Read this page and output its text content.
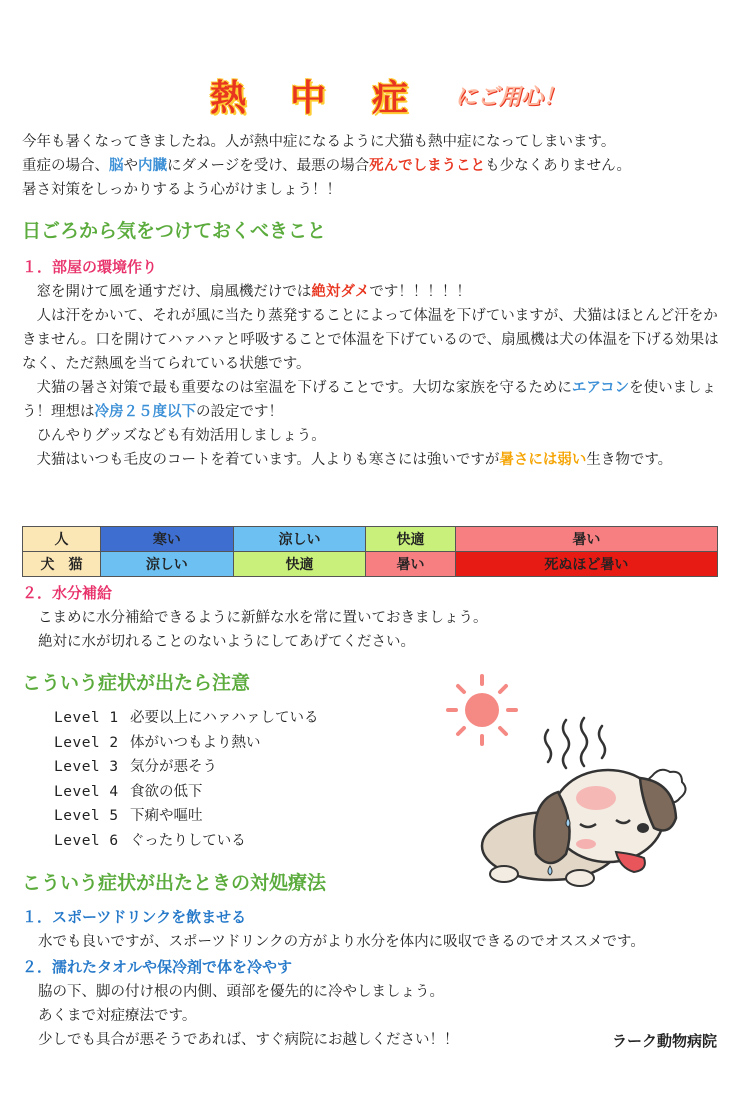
熱 中 症 にご用心！
今年も暑くなってきましたね。人が熱中症になるように犬猫も熱中症になってしまいます。
重症の場合、脳や内臓にダメージを受け、最悪の場合死んでしまうことも少なくありません。
暑さ対策をしっかりするよう心がけましょう！！
日ごろから気をつけておくべきこと
１．部屋の環境作り
窓を開けて風を通すだけ、扇風機だけでは絶対ダメです！！！！！
人は汗をかいて、それが風に当たり蒸発することによって体温を下げていますが、犬猫はほとんど汗をかきません。口を開けてハァハァと呼吸することで体温を下げているので、扇風機は犬の体温を下げる効果はなく、ただ熱風を当てられている状態です。
犬猫の暑さ対策で最も重要なのは室温を下げることです。大切な家族を守るためにエアコンを使いましょう！理想は冷房２５度以下の設定です！
ひんやりグッズなども有効活用しましょう。
犬猫はいつも毛皮のコートを着ています。人よりも寒さには強いですが暑さには弱い生き物です。
人	寒い	涼しい	快適	暑い
犬　猫	涼しい	快適	暑い	死ぬほど暑い
２．水分補給
こまめに水分補給できるように新鮮な水を常に置いておきましょう。
絶対に水が切れることのないようにしてあげてください。
こういう症状が出たら注意
Level 1 必要以上にハァハァしている
Level 2 体がいつもより熱い
Level 3 気分が悪そう
Level 4 食欲の低下
Level 5 下痢や嘔吐
Level 6 ぐったりしている
こういう症状が出たときの対処療法
１．スポーツドリンクを飲ませる
水でも良いですが、スポーツドリンクの方がより水分を体内に吸収できるのでオススメです。
２．濡れたタオルや保冷剤で体を冷やす
脇の下、脚の付け根の内側、頭部を優先的に冷やしましょう。
あくまで対症療法です。
少しでも具合が悪そうであれば、すぐ病院にお越しください！！	ラーク動物病院
